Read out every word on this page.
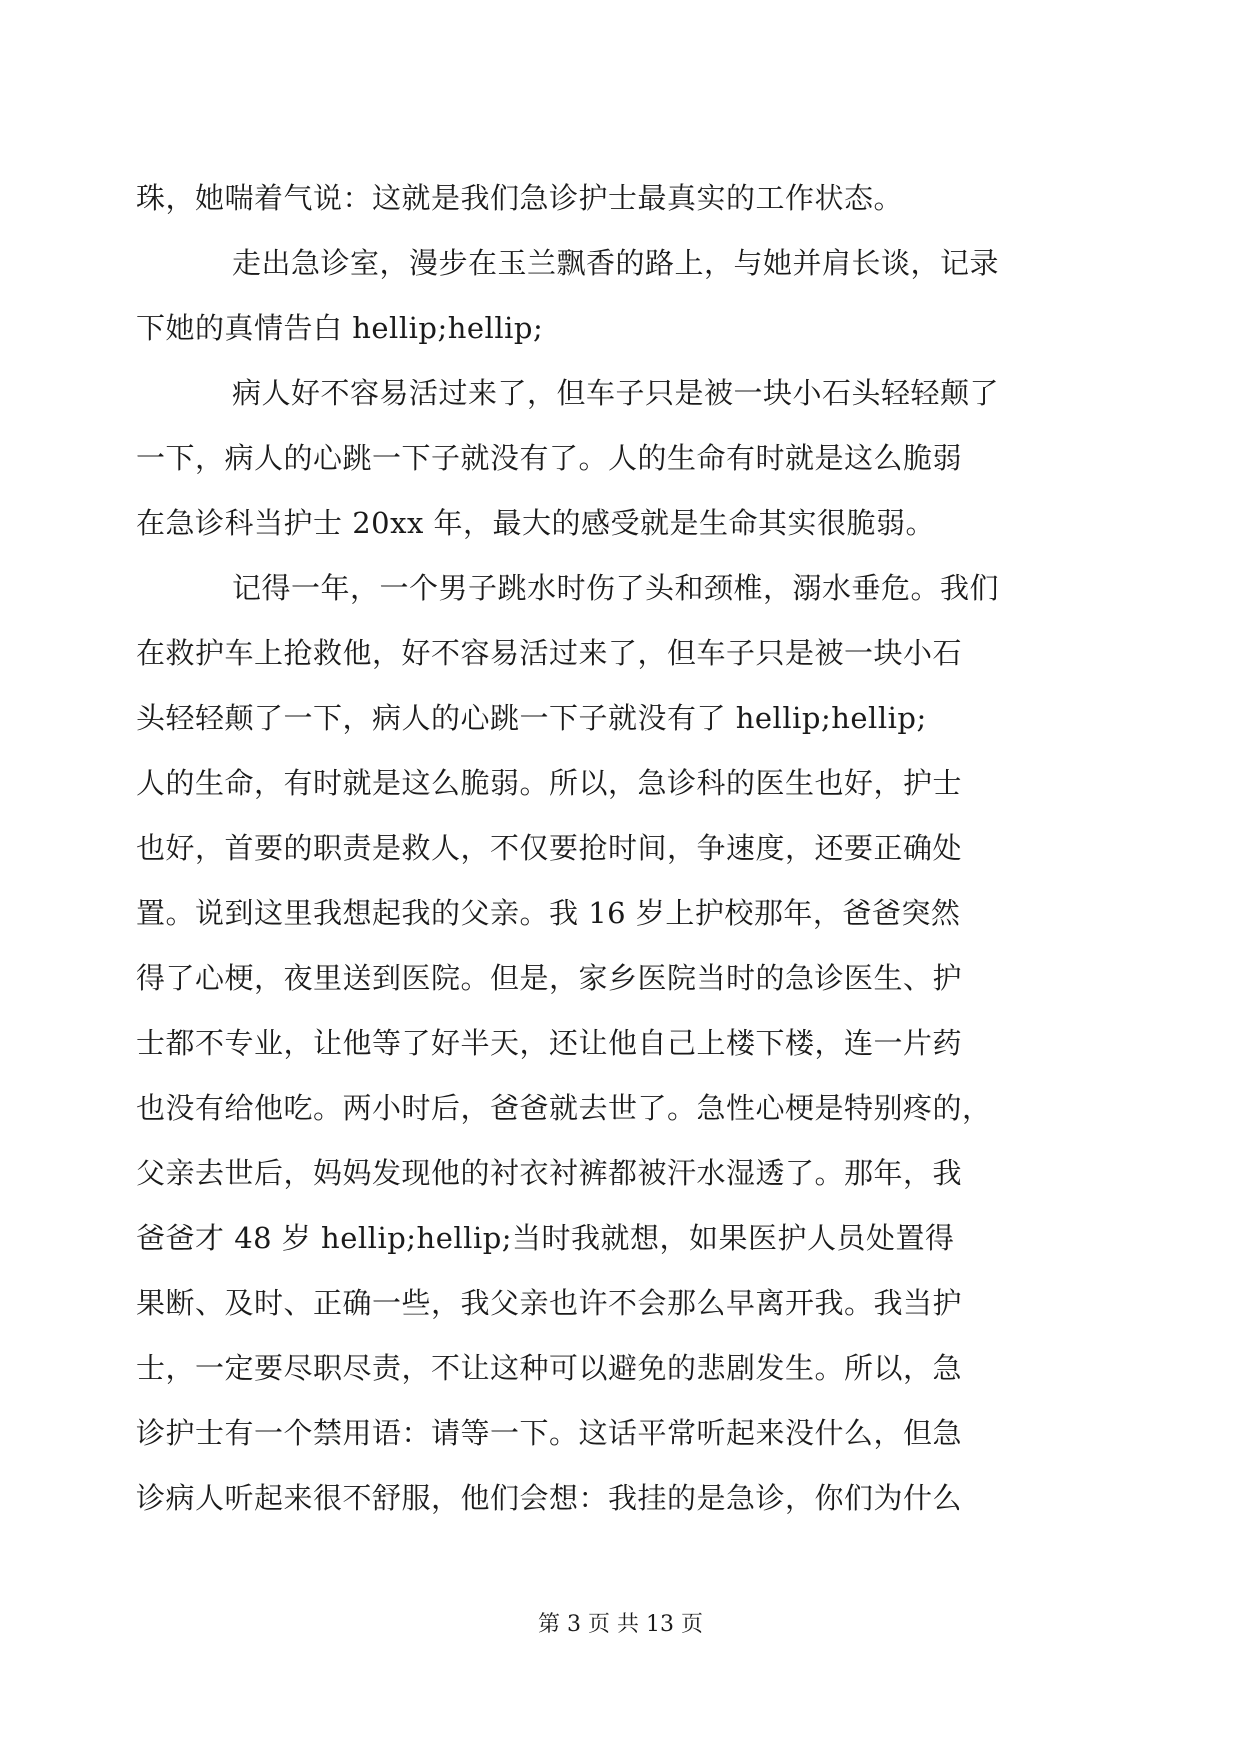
珠，她喘着气说：这就是我们急诊护士最真实的工作状态。
走出急诊室，漫步在玉兰飘香的路上，与她并肩长谈，记录
下她的真情告白 hellip;hellip;
病人好不容易活过来了，但车子只是被一块小石头轻轻颠了
一下，病人的心跳一下子就没有了。人的生命有时就是这么脆弱
在急诊科当护士 20xx 年，最大的感受就是生命其实很脆弱。
记得一年，一个男子跳水时伤了头和颈椎，溺水垂危。我们
在救护车上抢救他，好不容易活过来了，但车子只是被一块小石
头轻轻颠了一下，病人的心跳一下子就没有了 hellip;hellip;
人的生命，有时就是这么脆弱。所以，急诊科的医生也好，护士
也好，首要的职责是救人，不仅要抢时间，争速度，还要正确处
置。说到这里我想起我的父亲。我 16 岁上护校那年，爸爸突然
得了心梗，夜里送到医院。但是，家乡医院当时的急诊医生、护
士都不专业，让他等了好半天，还让他自己上楼下楼，连一片药
也没有给他吃。两小时后，爸爸就去世了。急性心梗是特别疼的，
父亲去世后，妈妈发现他的衬衣衬裤都被汗水湿透了。那年，我
爸爸才 48 岁 hellip;hellip;当时我就想，如果医护人员处置得
果断、及时、正确一些，我父亲也许不会那么早离开我。我当护
士，一定要尽职尽责，不让这种可以避免的悲剧发生。所以，急
诊护士有一个禁用语：请等一下。这话平常听起来没什么，但急
诊病人听起来很不舒服，他们会想：我挂的是急诊，你们为什么
第 3 页 共 13 页
